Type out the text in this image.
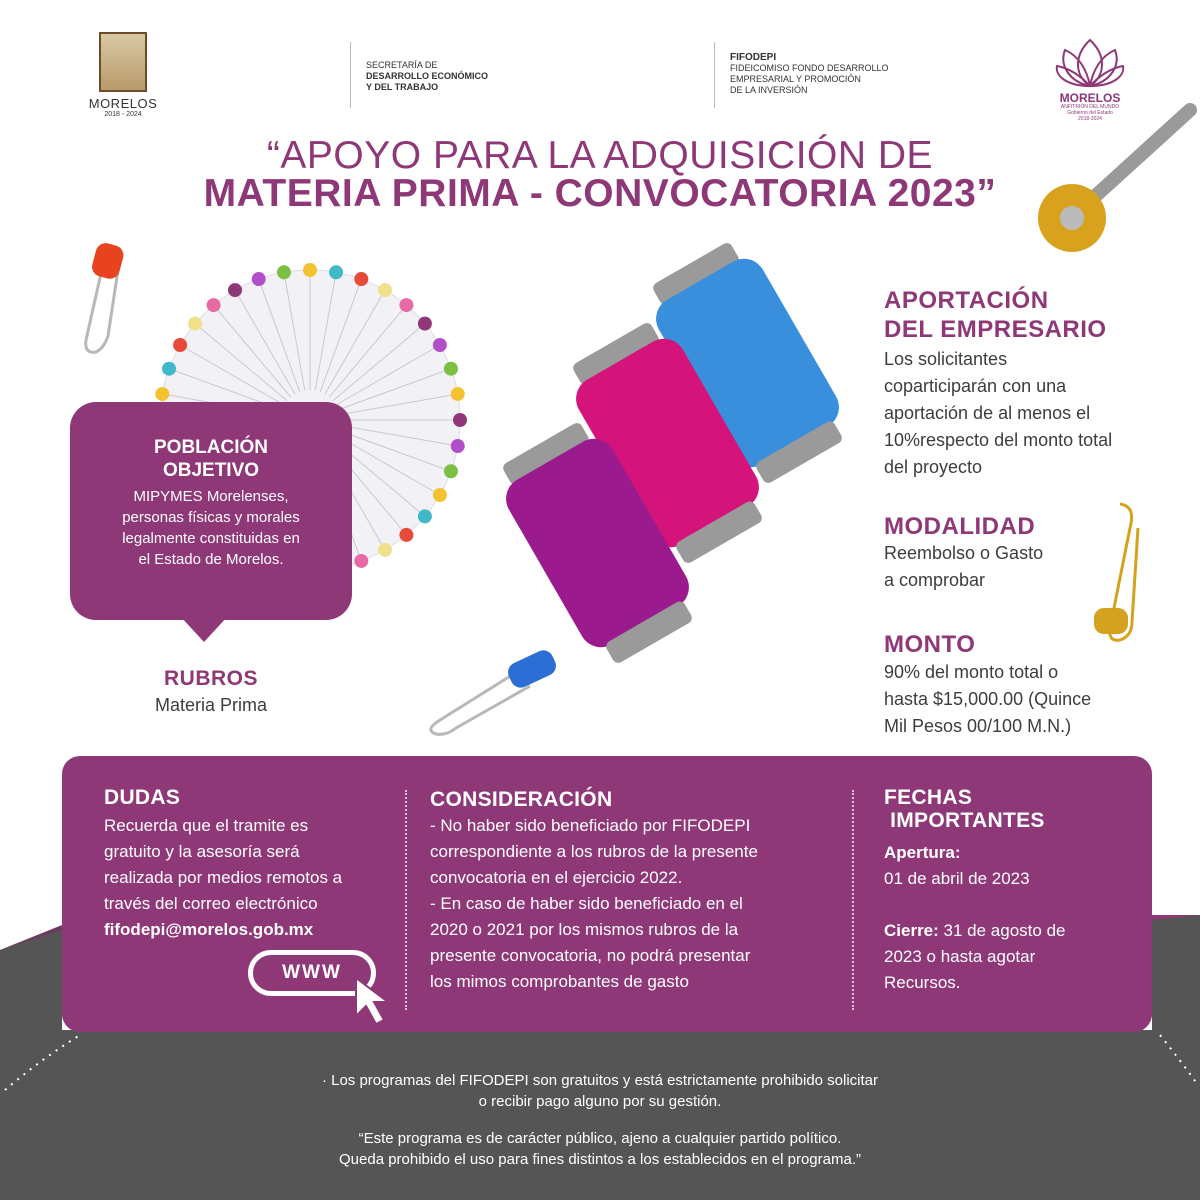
MORELOS
2018 - 2024
SECRETARÍA DE
DESARROLLO ECONÓMICO
Y DEL TRABAJO
FIFODEPI
FIDEICOMISO FONDO DESARROLLO
EMPRESARIAL Y PROMOCIÓN
DE LA INVERSIÓN
MORELOS
ANFITRIÓN DEL MUNDO
Gobierno del Estado
2018-2024
“APOYO PARA LA ADQUISICIÓN DE
MATERIA PRIMA - CONVOCATORIA 2023”
POBLACIÓN
OBJETIVO
MIPYMES Morelenses,
personas físicas y morales
legalmente constituidas en
el Estado de Morelos.
RUBROS
Materia Prima
APORTACIÓN
DEL EMPRESARIO
Los solicitantes
coparticiparán con una
aportación de al menos el
10%respecto del monto total
del proyecto
MODALIDAD
Reembolso o Gasto
a comprobar
MONTO
90% del monto total o
hasta $15,000.00 (Quince
Mil Pesos 00/100 M.N.)
DUDAS
Recuerda que el tramite es
gratuito y la asesoría será
realizada por medios remotos a
través del correo electrónico
fifodepi@morelos.gob.mx
WWW
CONSIDERACIÓN
- No haber sido beneficiado por FIFODEPI
correspondiente a los rubros de la presente
convocatoria en el ejercicio 2022.
- En caso de haber sido beneficiado en el
2020 o 2021 por los mismos rubros de la
presente convocatoria, no podrá presentar
los mimos comprobantes de gasto
FECHAS
IMPORTANTES
Apertura:
01 de abril de 2023
Cierre: 31 de agosto de
2023 o hasta agotar
Recursos.
· Los programas del FIFODEPI son gratuitos y está estrictamente prohibido solicitar
o recibir pago alguno por su gestión.
“Este programa es de carácter público, ajeno a cualquier partido político.
Queda prohibido el uso para fines distintos a los establecidos en el programa.”
